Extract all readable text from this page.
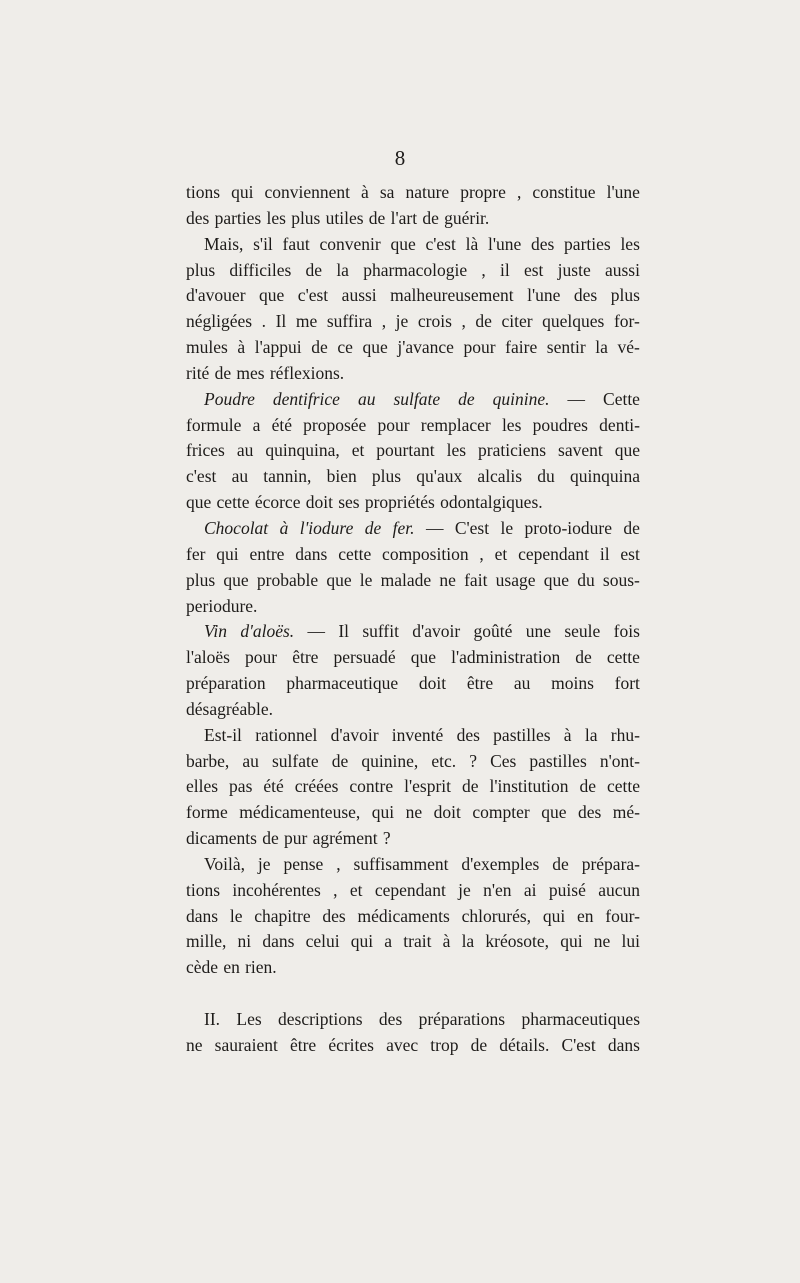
8
tions qui conviennent à sa nature propre , constitue l'une
des parties les plus utiles de l'art de guérir.
Mais, s'il faut convenir que c'est là l'une des parties les
plus difficiles de la pharmacologie , il est juste aussi
d'avouer que c'est aussi malheureusement l'une des plus
négligées . Il me suffira , je crois , de citer quelques for-
mules à l'appui de ce que j'avance pour faire sentir la vé-
rité de mes réflexions.
Poudre dentifrice au sulfate de quinine. — Cette
formule a été proposée pour remplacer les poudres denti-
frices au quinquina, et pourtant les praticiens savent que
c'est au tannin, bien plus qu'aux alcalis du quinquina
que cette écorce doit ses propriétés odontalgiques.
Chocolat à l'iodure de fer. — C'est le proto-iodure de
fer qui entre dans cette composition , et cependant il est
plus que probable que le malade ne fait usage que du sous-
periodure.
Vin d'aloës. — Il suffit d'avoir goûté une seule fois
l'aloës pour être persuadé que l'administration de cette
préparation pharmaceutique doit être au moins fort
désagréable.
Est-il rationnel d'avoir inventé des pastilles à la rhu-
barbe, au sulfate de quinine, etc. ? Ces pastilles n'ont-
elles pas été créées contre l'esprit de l'institution de cette
forme médicamenteuse, qui ne doit compter que des mé-
dicaments de pur agrément ?
Voilà, je pense , suffisamment d'exemples de prépara-
tions incohérentes , et cependant je n'en ai puisé aucun
dans le chapitre des médicaments chlorurés, qui en four-
mille, ni dans celui qui a trait à la kréosote, qui ne lui
cède en rien.
II. Les descriptions des préparations pharmaceutiques
ne sauraient être écrites avec trop de détails. C'est dans
